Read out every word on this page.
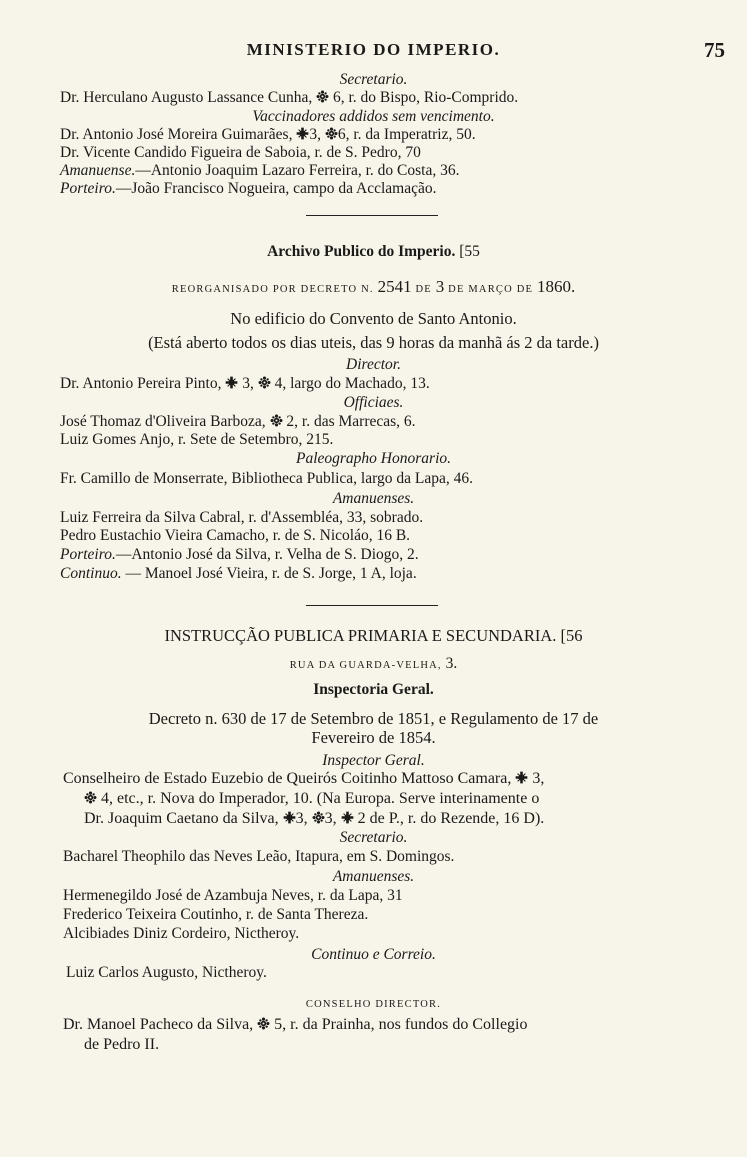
MINISTERIO DO IMPERIO.	75
Secretario.
Dr. Herculano Augusto Lassance Cunha,
6, r. do Bispo, Rio-Comprido.
Vaccinadores addidos sem vencimento.
Dr. Antonio José Moreira Guimarães,
3,
6, r. da Imperatriz, 50.
Dr. Vicente Candido Figueira de Saboia, r. de S. Pedro, 70
Amanuense.—Antonio Joaquim Lazaro Ferreira, r. do Costa, 36.
Porteiro.—João Francisco Nogueira, campo da Acclamação.
Archivo Publico do Imperio. [55
REORGANISADO POR DECRETO N. 2541 DE 3 DE MARÇO DE 1860.
No edificio do Convento de Santo Antonio.
(Está aberto todos os dias uteis, das 9 horas da manhã ás 2 da tarde.)
Director.
Dr. Antonio Pereira Pinto,
3,
4, largo do Machado, 13.
Officiaes.
José Thomaz d'Oliveira Barboza,
2, r. das Marrecas, 6.
Luiz Gomes Anjo, r. Sete de Setembro, 215.
Paleographo Honorario.
Fr. Camillo de Monserrate, Bibliotheca Publica, largo da Lapa, 46.
Amanuenses.
Luiz Ferreira da Silva Cabral, r. d'Assembléa, 33, sobrado.
Pedro Eustachio Vieira Camacho, r. de S. Nicoláo, 16 B.
Porteiro.—Antonio José da Silva, r. Velha de S. Diogo, 2.
Continuo. — Manoel José Vieira, r. de S. Jorge, 1 A, loja.
INSTRUCÇÃO PUBLICA PRIMARIA E SECUNDARIA. [56
RUA DA GUARDA-VELHA, 3.
Inspectoria Geral.
Decreto n. 630 de 17 de Setembro de 1851, e Regulamento de 17 de
Fevereiro de 1854.
Inspector Geral.
Conselheiro de Estado Euzebio de Queirós Coitinho Mattoso Camara,
3,
4, etc., r. Nova do Imperador, 10. (Na Europa. Serve interinamente o
Dr. Joaquim Caetano da Silva,
3,
3,
2 de P., r. do Rezende, 16 D).
Secretario.
Bacharel Theophilo das Neves Leão, Itapura, em S. Domingos.
Amanuenses.
Hermenegildo José de Azambuja Neves, r. da Lapa, 31
Frederico Teixeira Coutinho, r. de Santa Thereza.
Alcibiades Diniz Cordeiro, Nictheroy.
Continuo e Correio.
Luiz Carlos Augusto, Nictheroy.
CONSELHO DIRECTOR.
Dr. Manoel Pacheco da Silva,
5, r. da Prainha, nos fundos do Collegio
de Pedro II.
